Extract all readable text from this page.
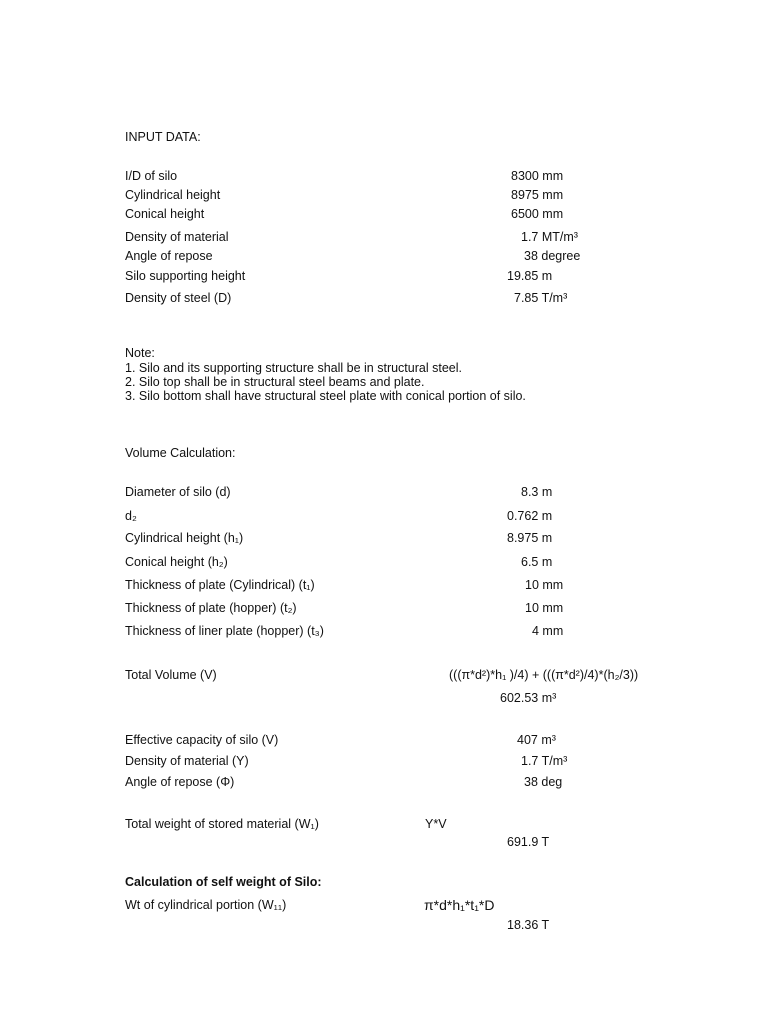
INPUT DATA:
I/D of silo	8300 mm
Cylindrical height	8975 mm
Conical height	6500 mm
Density of material	1.7 MT/m³
Angle of repose	38 degree
Silo supporting height	19.85 m
Density of steel (D)	7.85 T/m³
Note:
1. Silo and its supporting structure shall be in structural steel.
2. Silo top shall be in structural steel beams and plate.
3. Silo bottom shall have structural steel plate with conical portion of silo.
Volume Calculation:
Diameter of silo (d)	8.3 m
d₂	0.762 m
Cylindrical height (h₁)	8.975 m
Conical height (h₂)	6.5 m
Thickness of plate (Cylindrical) (t₁)	10 mm
Thickness of plate (hopper) (t₂)	10 mm
Thickness of liner plate (hopper) (t₃)	4 mm
Total Volume (V)	(((π*d²)*h₁ )/4) + (((π*d²)/4)*(h₂/3))
602.53 m³
Effective capacity of silo (V)	407 m³
Density of material (Υ)	1.7 T/m³
Angle of repose (Φ)	38 deg
Total weight of stored material (W₁)	Υ*V
691.9 T
Calculation of self weight of Silo:
Wt of cylindrical portion (W₁₁)	π*d*h₁*t₁*D
18.36 T
